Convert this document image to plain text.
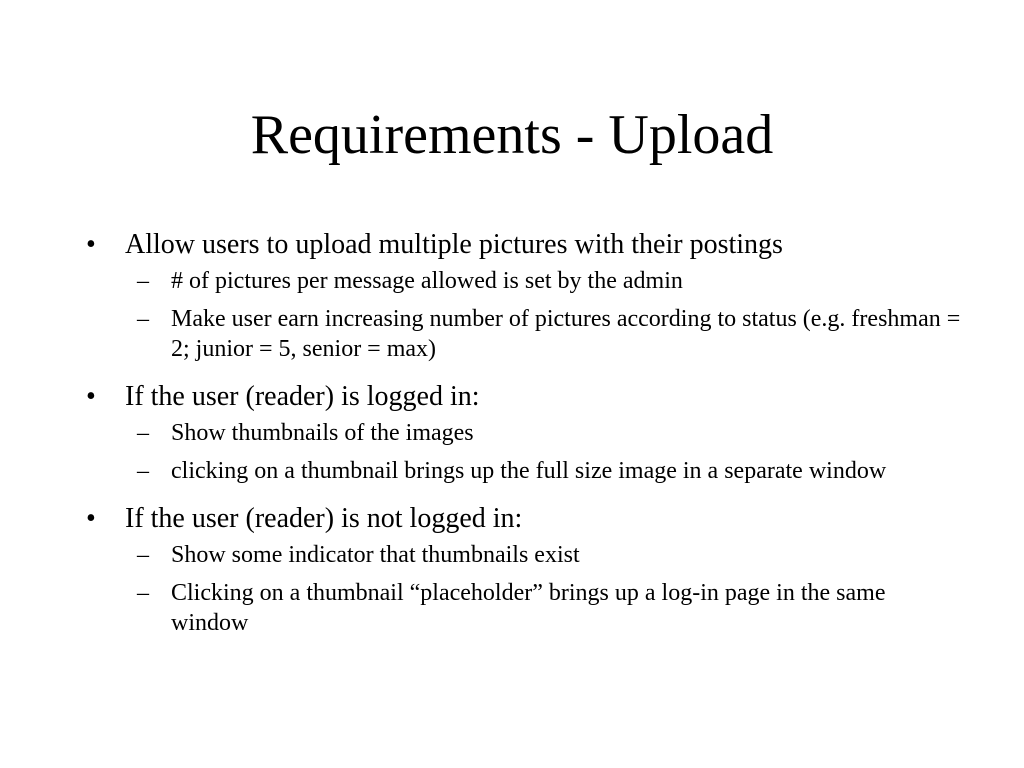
Requirements - Upload
• Allow users to upload multiple pictures with their postings
– # of pictures per message allowed is set by the admin
– Make user earn increasing number of pictures according to status (e.g. freshman = 2; junior = 5, senior = max)
• If the user (reader) is logged in:
– Show thumbnails of the images
– clicking on a thumbnail brings up the full size image in a separate window
• If the user (reader) is not logged in:
– Show some indicator that thumbnails exist
– Clicking on a thumbnail “placeholder” brings up a log-in page in the same window
